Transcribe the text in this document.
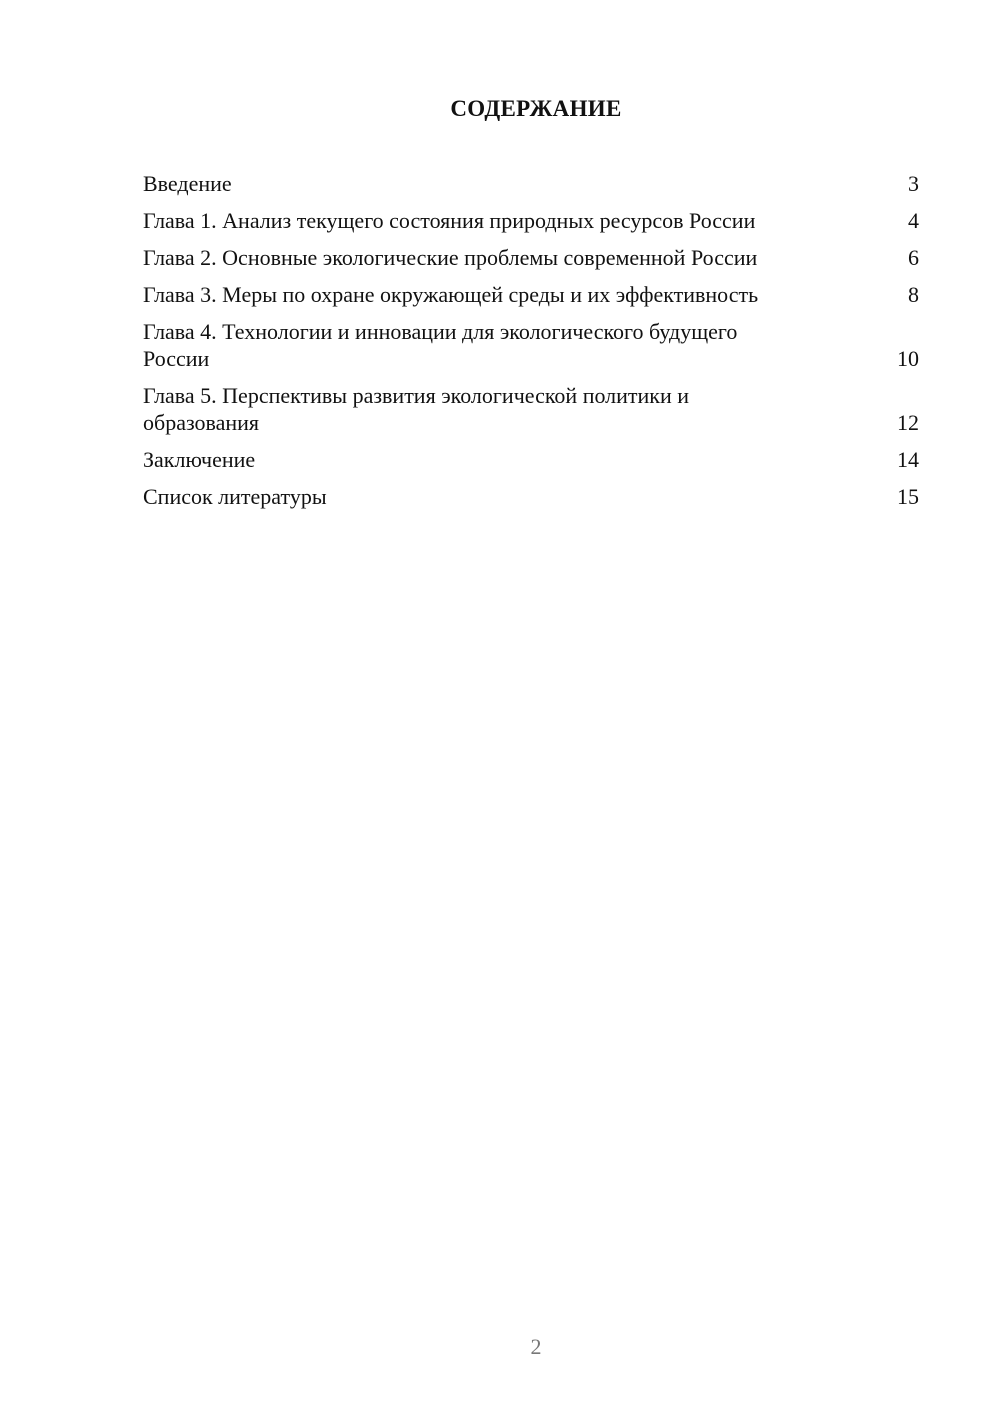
СОДЕРЖАНИЕ
Введение	3
Глава 1. Анализ текущего состояния природных ресурсов России	4
Глава 2. Основные экологические проблемы современной России	6
Глава 3. Меры по охране окружающей среды и их эффективность	8
Глава 4. Технологии и инновации для экологического будущего России	10
Глава 5. Перспективы развития экологической политики и образования	12
Заключение	14
Список литературы	15
2
